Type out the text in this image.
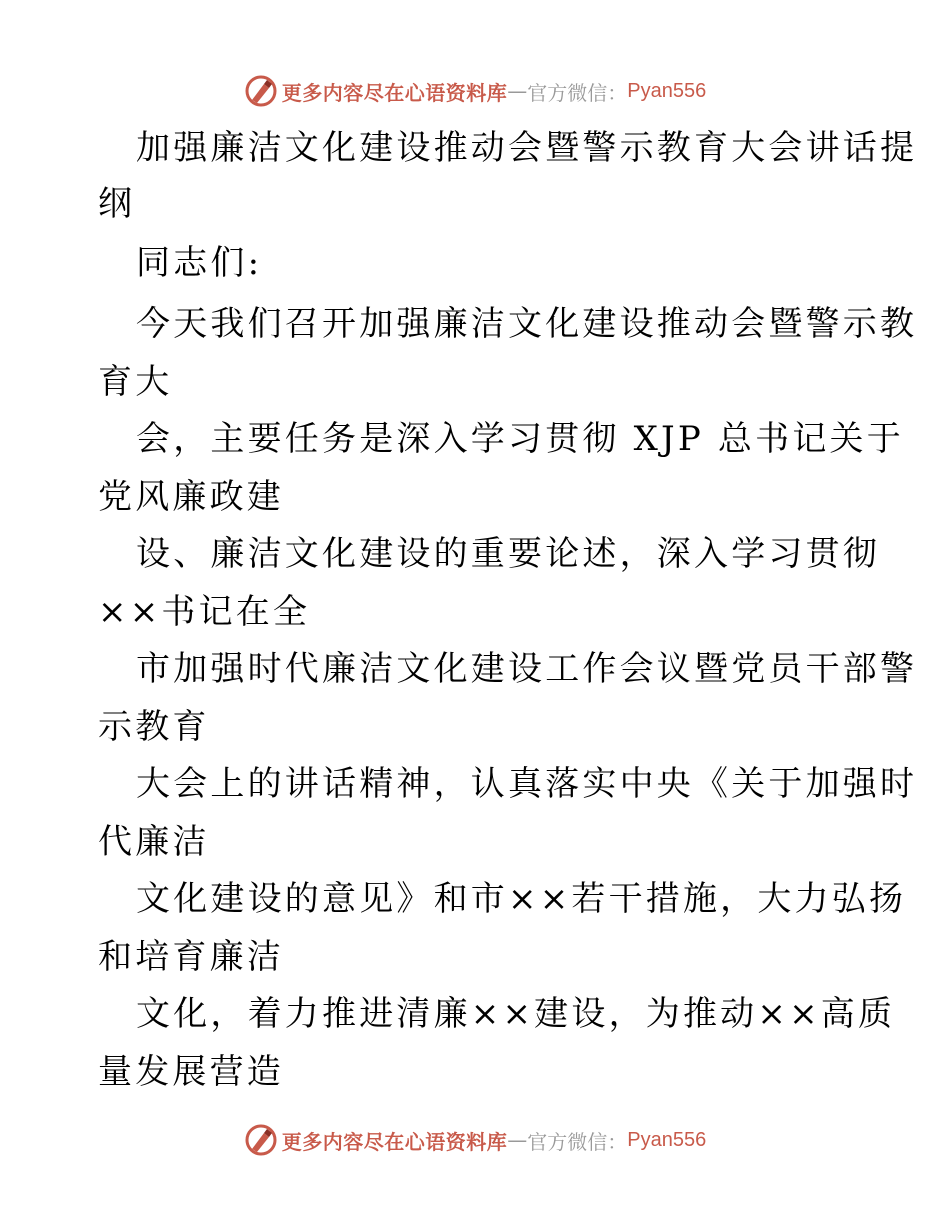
更多内容尽在心语资料库 — 官方微信： Pyan556
加强廉洁文化建设推动会暨警示教育大会讲话提
纲
同志们:
今天我们召开加强廉洁文化建设推动会暨警示教
育大
会，主要任务是深入学习贯彻 XJP 总书记关于
党风廉政建
设、廉洁文化建设的重要论述，深入学习贯彻
××书记在全
市加强时代廉洁文化建设工作会议暨党员干部警
示教育
大会上的讲话精神，认真落实中央《关于加强时
代廉洁
文化建设的意见》和市××若干措施，大力弘扬
和培育廉洁
文化，着力推进清廉××建设，为推动××高质
量发展营造
更多内容尽在心语资料库 — 官方微信： Pyan556
